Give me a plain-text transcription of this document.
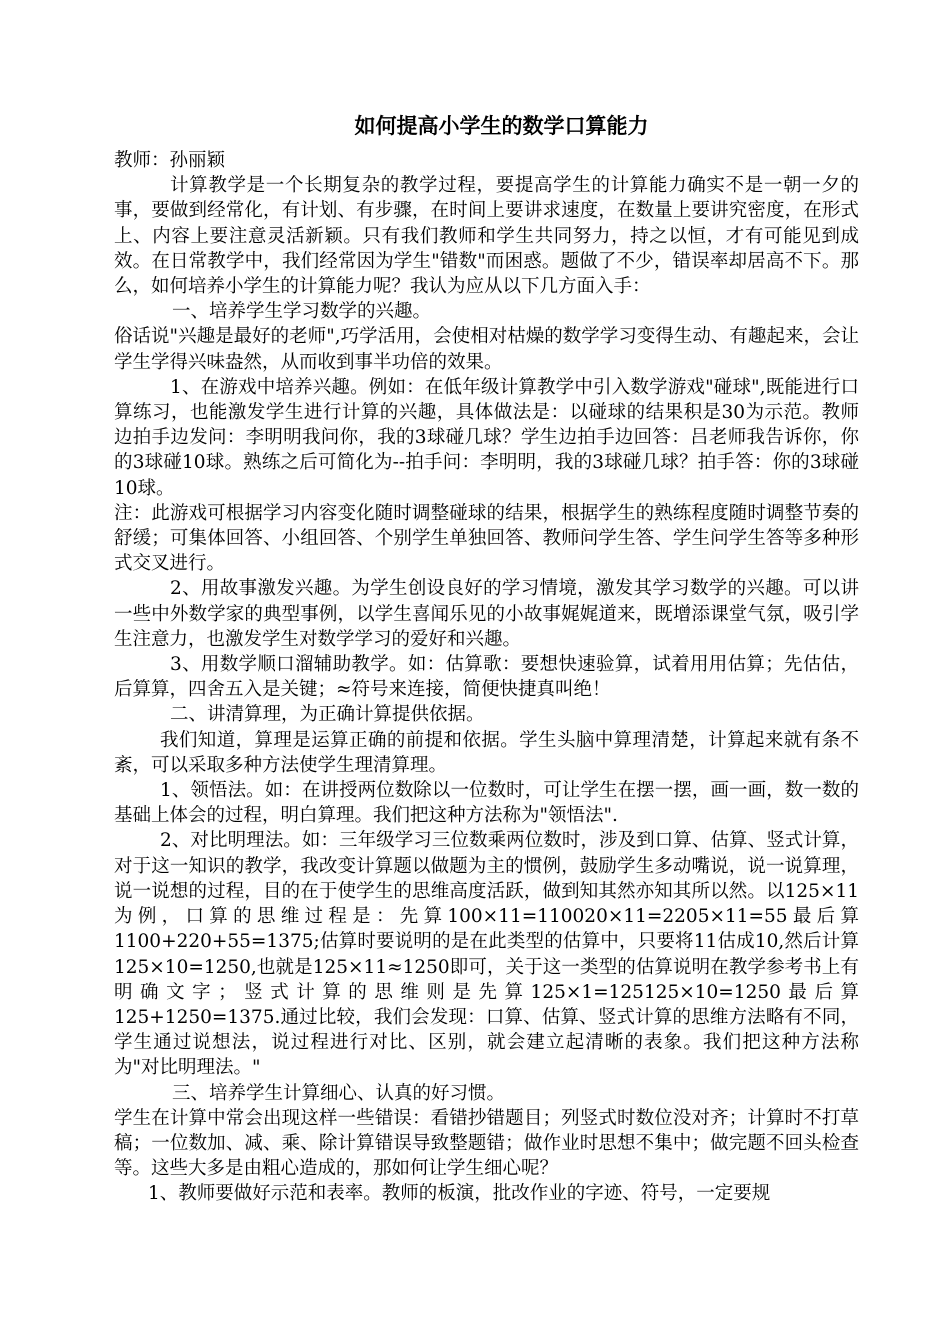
如何提高小学生的数学口算能力

教师：孙丽颖

计算教学是一个长期复杂的教学过程，要提高学生的计算能力确实不是一朝一夕的事，要做到经常化，有计划、有步骤，在时间上要讲求速度，在数量上要讲究密度，在形式上、内容上要注意灵活新颖。只有我们教师和学生共同努力，持之以恒，才有可能见到成效。在日常教学中，我们经常因为学生"错数"而困惑。题做了不少，错误率却居高不下。那么，如何培养小学生的计算能力呢？我认为应从以下几方面入手：

一、培养学生学习数学的兴趣。

俗话说"兴趣是最好的老师",巧学活用，会使相对枯燥的数学学习变得生动、有趣起来，会让学生学得兴味盎然，从而收到事半功倍的效果。

1、在游戏中培养兴趣。例如：在低年级计算教学中引入数学游戏"碰球",既能进行口算练习，也能激发学生进行计算的兴趣，具体做法是：以碰球的结果积是30为示范。教师边拍手边发问：李明明我问你，我的3球碰几球？学生边拍手边回答：吕老师我告诉你，你的3球碰10球。熟练之后可简化为--拍手问：李明明，我的3球碰几球？拍手答：你的3球碰10球。

注：此游戏可根据学习内容变化随时调整碰球的结果，根据学生的熟练程度随时调整节奏的舒缓；可集体回答、小组回答、个别学生单独回答、教师问学生答、学生问学生答等多种形式交叉进行。

2、用故事激发兴趣。为学生创设良好的学习情境，激发其学习数学的兴趣。可以讲一些中外数学家的典型事例，以学生喜闻乐见的小故事娓娓道来，既增添课堂气氛，吸引学生注意力，也激发学生对数学学习的爱好和兴趣。

3、用数学顺口溜辅助教学。如：估算歌：要想快速验算，试着用用估算；先估估，后算算，四舍五入是关键；≈符号来连接，简便快捷真叫绝！

二、讲清算理，为正确计算提供依据。

我们知道，算理是运算正确的前提和依据。学生头脑中算理清楚，计算起来就有条不紊，可以采取多种方法使学生理清算理。

1、领悟法。如：在讲授两位数除以一位数时，可让学生在摆一摆，画一画，数一数的基础上体会的过程，明白算理。我们把这种方法称为"领悟法".

2、对比明理法。如：三年级学习三位数乘两位数时，涉及到口算、估算、竖式计算，对于这一知识的教学，我改变计算题以做题为主的惯例，鼓励学生多动嘴说，说一说算理，说一说想的过程，目的在于使学生的思维高度活跃，做到知其然亦知其所以然。以125×11为例，口算的思维过程是：先算100×11=110020×11=2205×11=55最后算1100+220+55=1375;估算时要说明的是在此类型的估算中，只要将11估成10,然后计算125×10=1250,也就是125×11≈1250即可，关于这一类型的估算说明在教学参考书上有明确文字；竖式计算的思维则是先算125×1=125125×10=1250最后算125+1250=1375.通过比较，我们会发现：口算、估算、竖式计算的思维方法略有不同，学生通过说想法，说过程进行对比、区别，就会建立起清晰的表象。我们把这种方法称为"对比明理法。"

三、培养学生计算细心、认真的好习惯。

学生在计算中常会出现这样一些错误：看错抄错题目；列竖式时数位没对齐；计算时不打草稿；一位数加、减、乘、除计算错误导致整题错；做作业时思想不集中；做完题不回头检查等。这些大多是由粗心造成的，那如何让学生细心呢？

1、教师要做好示范和表率。教师的板演，批改作业的字迹、符号，一定要规
